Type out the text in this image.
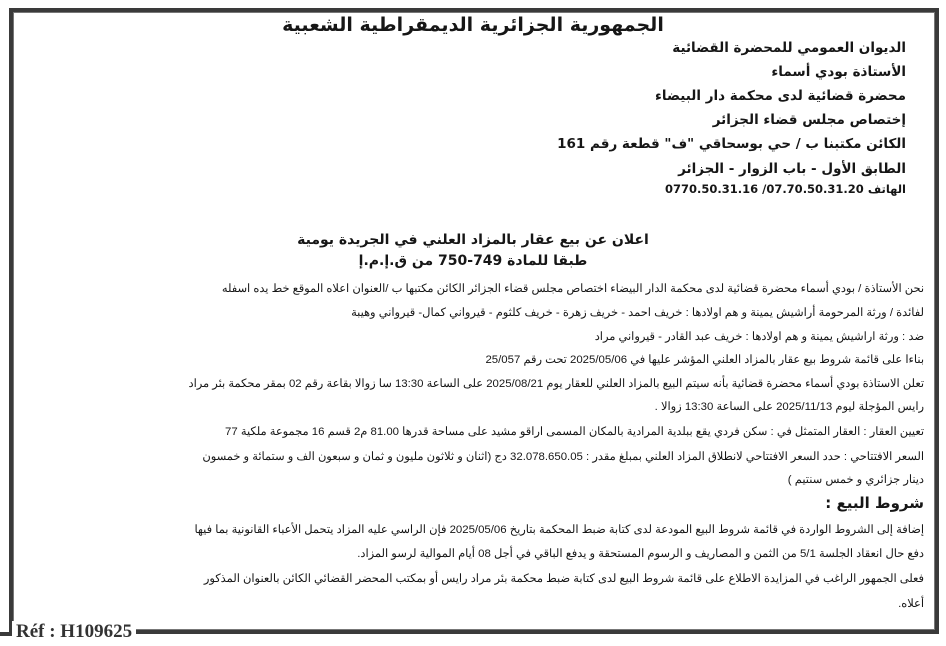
الجمهورية الجزائرية الديمقراطية الشعبية
الديوان العمومي للمحضرة القضائية
الأستاذة بودي أسماء
محضرة قضائية لدى محكمة دار البيضاء
إختصاص مجلس قضاء الجزائر
الكائن مكتبنا ب / حي بوسحاقي "ف" قطعة رقم 161
الطابق الأول - باب الزوار - الجزائر
الهاتف 07.70.50.31.20/ 0770.50.31.16
اعلان عن بيع عقار بالمزاد العلني في الجريدة يومية
طبقا للمادة 749-750 من ق.إ.م.إ
نحن الأستاذة / بودي أسماء محضرة قضائية لدى محكمة الدار البيضاء اختصاص مجلس قضاء الجزائر الكائن مكتبها ب /العنوان اعلاه الموقع خط يده اسفله
لفائدة / ورثة المرحومة أراشيش يمينة و هم اولادها : خريف احمد - خريف زهرة - خريف كلثوم - قيرواني كمال- قيرواني وهيبة
ضد : ورثة اراشيش يمينة و هم اولادها : خريف عبد القادر - قيرواني مراد
بناءا على قائمة شروط بيع عقار بالمزاد العلني المؤشر عليها في 2025/05/06 تحت رقم 25/057
تعلن الاستاذة بودي أسماء محضرة قضائية بأنه سيتم البيع بالمزاد العلني للعقار يوم 2025/08/21 على الساعة 13:30 سا زوالا بقاعة رقم 02 بمقر محكمة بئر مراد
رايس المؤجلة ليوم 2025/11/13 على الساعة 13:30 زوالا .
تعيين العقار : العقار المتمثل في : سكن فردي يقع ببلدية المرادية بالمكان المسمى اراقو مشيد على مساحة قدرها 81.00 م2 قسم 16 مجموعة ملكية 77
السعر الافتتاحي : حدد السعر الافتتاحي لانطلاق المزاد العلني بمبلغ مقدر : 32.078.650.05 دج (اثنان و ثلاثون مليون و ثمان و سبعون الف و ستمائة و خمسون
دينار جزائري و خمس سنتيم )
شروط البيع :
إضافة إلى الشروط الواردة في قائمة شروط البيع المودعة لدى كتابة ضبط المحكمة بتاريخ 2025/05/06 فإن الراسي عليه المزاد يتحمل الأعباء القانونية بما فيها
دفع حال انعقاد الجلسة 5/1 من الثمن و المصاريف و الرسوم المستحقة و يدفع الباقي في أجل 08 أيام الموالية لرسو المزاد.
فعلى الجمهور الراغب في المزايدة الاطلاع على قائمة شروط البيع لدى كتابة ضبط محكمة بئر مراد رايس أو بمكتب المحضر القضائي الكائن بالعنوان المذكور
أعلاه.
Réf : H109625
